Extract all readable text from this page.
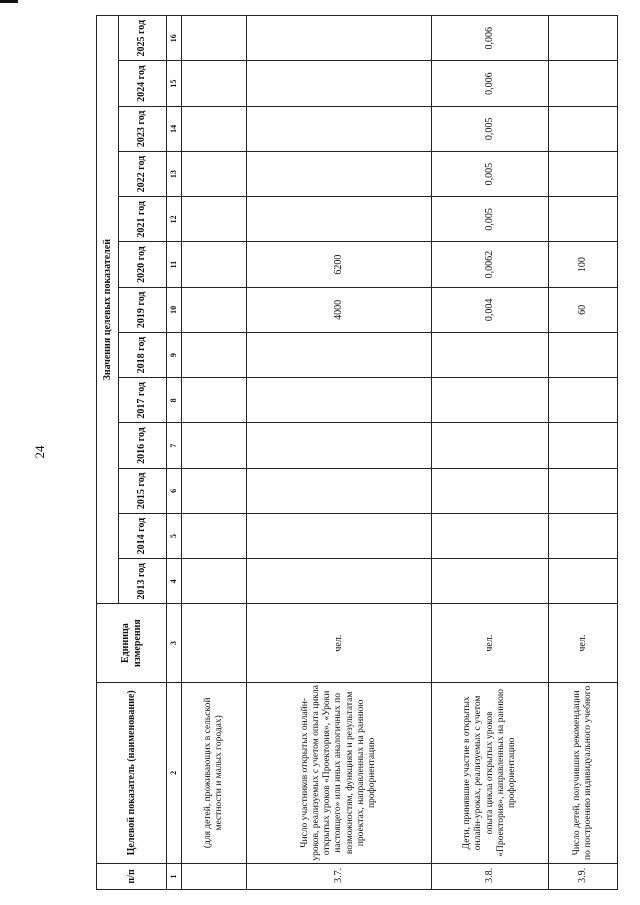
24
п/п	Целевой показатель (наименование)	Единица измерения	Значения целевых показателей												
			2013 год	2014 год	2015 год	2016 год	2017 год	2018 год	2019 год	2020 год	2021 год	2022 год	2023 год	2024 год	2025 год
1	2	3	4	5	6	7	8	9	10	11	12	13	14	15	16
	(для детей, проживающих в сельской местности и малых городах)														
3.7.	Число участников открытых онлайн-уроков, реализуемых с учетом опыта цикла открытых уроков «Проектория», «Уроки настоящего» или иных аналогичных по возможностям, функциям и результатам проектах, направленных на раннюю профориентацию	чел.							4000	6200					
3.8.	Дети, принявшие участие в открытых онлайн-уроках, реализуемых с учетом опыта цикла открытых уроков «Проектория», направленных на раннюю профориентацию	чел.							0,004	0,0062	0,005	0,005	0,005	0,006	0,006
3.9.	Число детей, получивших рекомендации по построению индивидуального учебного	чел.							60	100					
